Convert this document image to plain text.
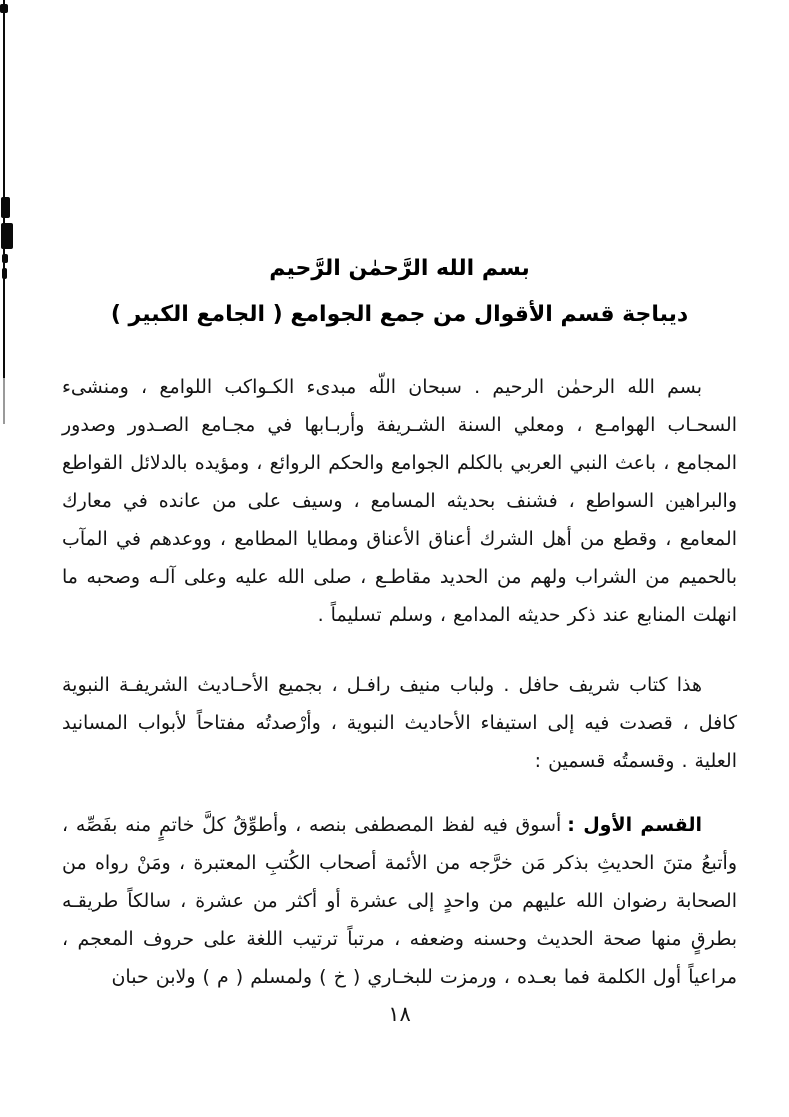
بسم الله الرَّحمٰن الرَّحيم
ديباجة قسم الأقوال من جمع الجوامع ( الجامع الكبير )

بسم الله الرحمٰن الرحيم . سبحان اللّه مبدىء الكـواكب اللوامع ، ومنشىء السحـاب الهوامـع ، ومعلي السنة الشـريفة وأربـابها في مجـامع الصـدور وصدور المجامع ، باعث النبي العربي بالكلم الجوامع والحكم الروائع ، ومؤيده بالدلائل القواطع والبراهين السواطع ، فشنف بحديثه المسامع ، وسيف على من عانده في معارك المعامع ، وقطع من أهل الشرك أعناق الأعناق ومطايا المطامع ، ووعدهم في المآب بالحميم من الشراب ولهم من الحديد مقاطـع ، صلى الله عليه وعلى آلـه وصحبه ما انهلت المنابع عند ذكر حديثه المدامع ، وسلم تسليماً .

هذا كتاب شريف حافل . ولباب منيف رافـل ، بجميع الأحـاديث الشريفـة النبوية كافل ، قصدت فيه إلى استيفاء الأحاديث النبوية ، وأرْصدتُه مفتاحاً لأبواب المسانيد العلية . وقسمتُه قسمين :

القسم الأول :أسوق فيه لفظ المصطفى بنصه ، وأطوِّقُ كلَّ خاتمٍ منه بفَصِّه ، وأتبعُ متنَ الحديثِ بذكر مَن خرَّجه من الأئمة أصحاب الكُتبِ المعتبرة ، ومَنْ رواه من الصحابة رضوان الله عليهم من واحدٍ إلى عشرة أو أكثر من عشرة ، سالكاً طريقـه بطرقٍ منها صحة الحديث وحسنه وضعفه ، مرتباً ترتيب اللغة على حروف المعجم ، مراعياً أول الكلمة فما بعـده ، ورمزت للبخـاري ( خ ) ولمسلم ( م ) ولابن حبان

١٨
